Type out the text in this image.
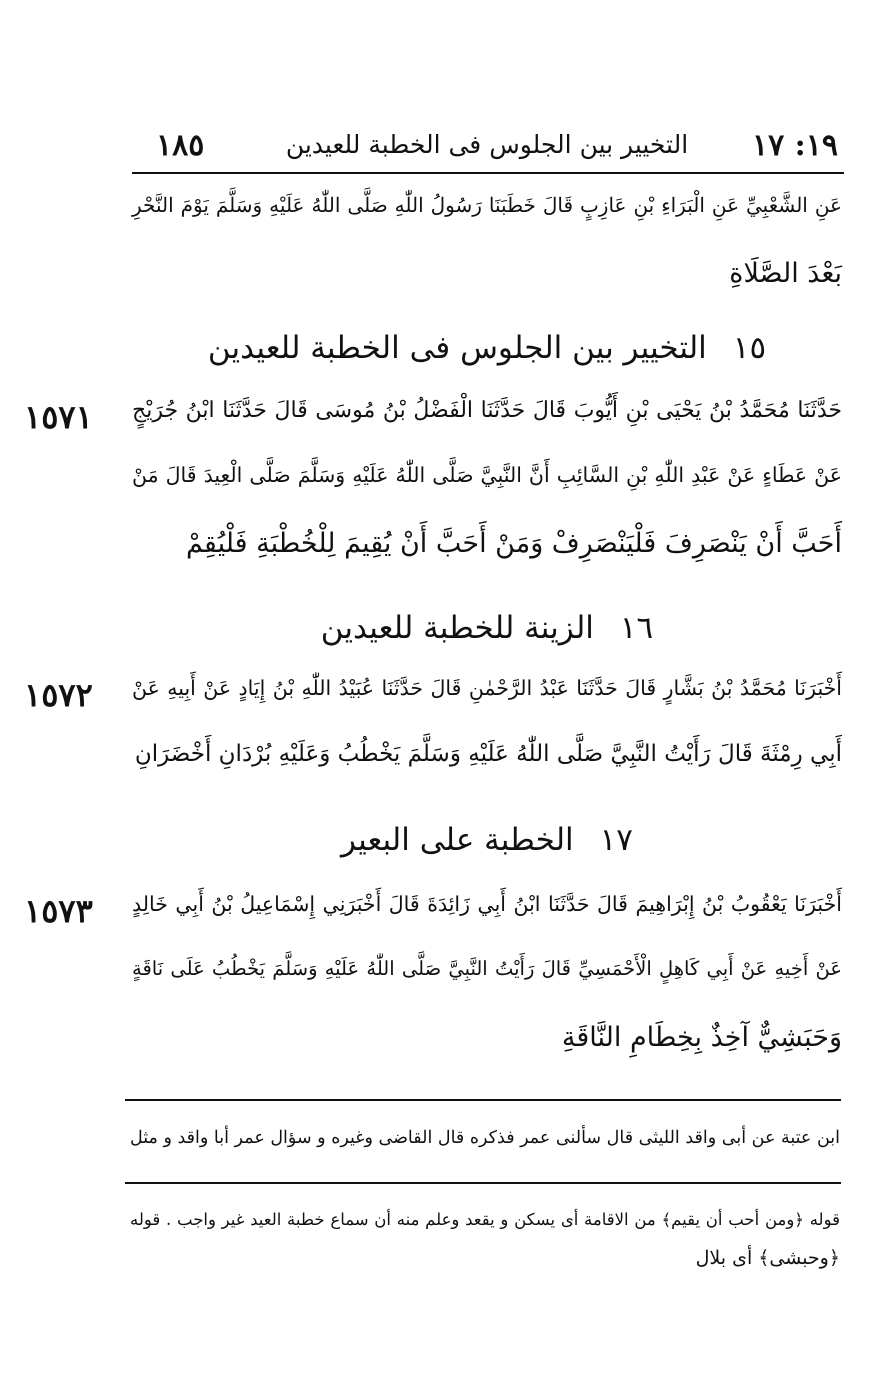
١٨٥	التخيير بين الجلوس فى الخطبة للعيدين	١٩: ١٧
عَنِ الشَّعْبِيِّ عَنِ الْبَرَاءِ بْنِ عَازِبٍ قَالَ خَطَبَنَا رَسُولُ اللّٰهِ صَلَّى اللّٰهُ عَلَيْهِ وَسَلَّمَ يَوْمَ النَّحْرِ
بَعْدَ الصَّلَاةِ
١٥التخيير بين الجلوس فى الخطبة للعيدين
١٥٧١ حَدَّثَنَا مُحَمَّدُ بْنُ يَحْيَى بْنِ أَيُّوبَ قَالَ حَدَّثَنَا الْفَضْلُ بْنُ مُوسَى قَالَ حَدَّثَنَا ابْنُ جُرَيْجٍ
عَنْ عَطَاءٍ عَنْ عَبْدِ اللّٰهِ بْنِ السَّائِبِ أَنَّ النَّبِيَّ صَلَّى اللّٰهُ عَلَيْهِ وَسَلَّمَ صَلَّى الْعِيدَ قَالَ مَنْ
أَحَبَّ أَنْ يَنْصَرِفَ فَلْيَنْصَرِفْ وَمَنْ أَحَبَّ أَنْ يُقِيمَ لِلْخُطْبَةِ فَلْيُقِمْ
١٦الزينة للخطبة للعيدين
١٥٧٢ أَخْبَرَنَا مُحَمَّدُ بْنُ بَشَّارٍ قَالَ حَدَّثَنَا عَبْدُ الرَّحْمٰنِ قَالَ حَدَّثَنَا عُبَيْدُ اللّٰهِ بْنُ إِيَادٍ عَنْ أَبِيهِ عَنْ
أَبِي رِمْثَةَ قَالَ رَأَيْتُ النَّبِيَّ صَلَّى اللّٰهُ عَلَيْهِ وَسَلَّمَ يَخْطُبُ وَعَلَيْهِ بُرْدَانِ أَخْضَرَانِ
١٧الخطبة على البعير
١٥٧٣ أَخْبَرَنَا يَعْقُوبُ بْنُ إِبْرَاهِيمَ قَالَ حَدَّثَنَا ابْنُ أَبِي زَائِدَةَ قَالَ أَخْبَرَنِي إِسْمَاعِيلُ بْنُ أَبِي خَالِدٍ
عَنْ أَخِيهِ عَنْ أَبِي كَاهِلٍ الْأَحْمَسِيِّ قَالَ رَأَيْتُ النَّبِيَّ صَلَّى اللّٰهُ عَلَيْهِ وَسَلَّمَ يَخْطُبُ عَلَى نَاقَةٍ
وَحَبَشِيٌّ آخِذٌ بِخِطَامِ النَّاقَةِ
ابن عتبة عن أبى واقد الليثى قال سألنى عمر فذكره قال القاضى وغيره و سؤال عمر أبا واقد و مثل
قوله ﴿ومن أحب أن يقيم﴾ من الاقامة أى يسكن و يقعد وعلم منه أن سماع خطبة العيد غير واجب . قوله
﴿وحبشى﴾ أى بلال
